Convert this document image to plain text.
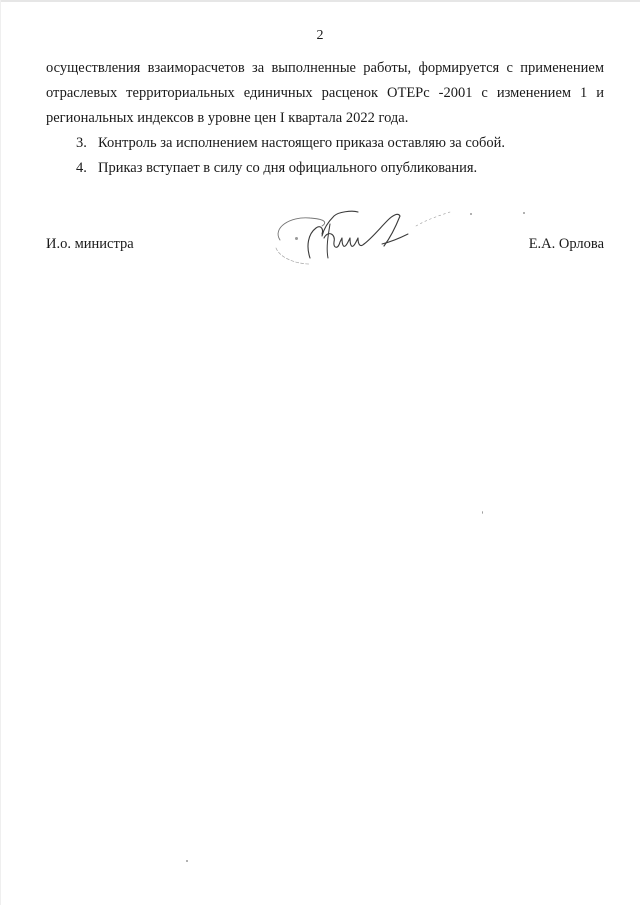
2

осуществления взаиморасчетов за выполненные работы, формируется с применением отраслевых территориальных единичных расценок ОТЕРс -2001 с изменением 1 и региональных индексов в уровне цен I квартала 2022 года.

3. Контроль за исполнением настоящего приказа оставляю за собой.

4. Приказ вступает в силу со дня официального опубликования.

И.о. министра	Е.А. Орлова
